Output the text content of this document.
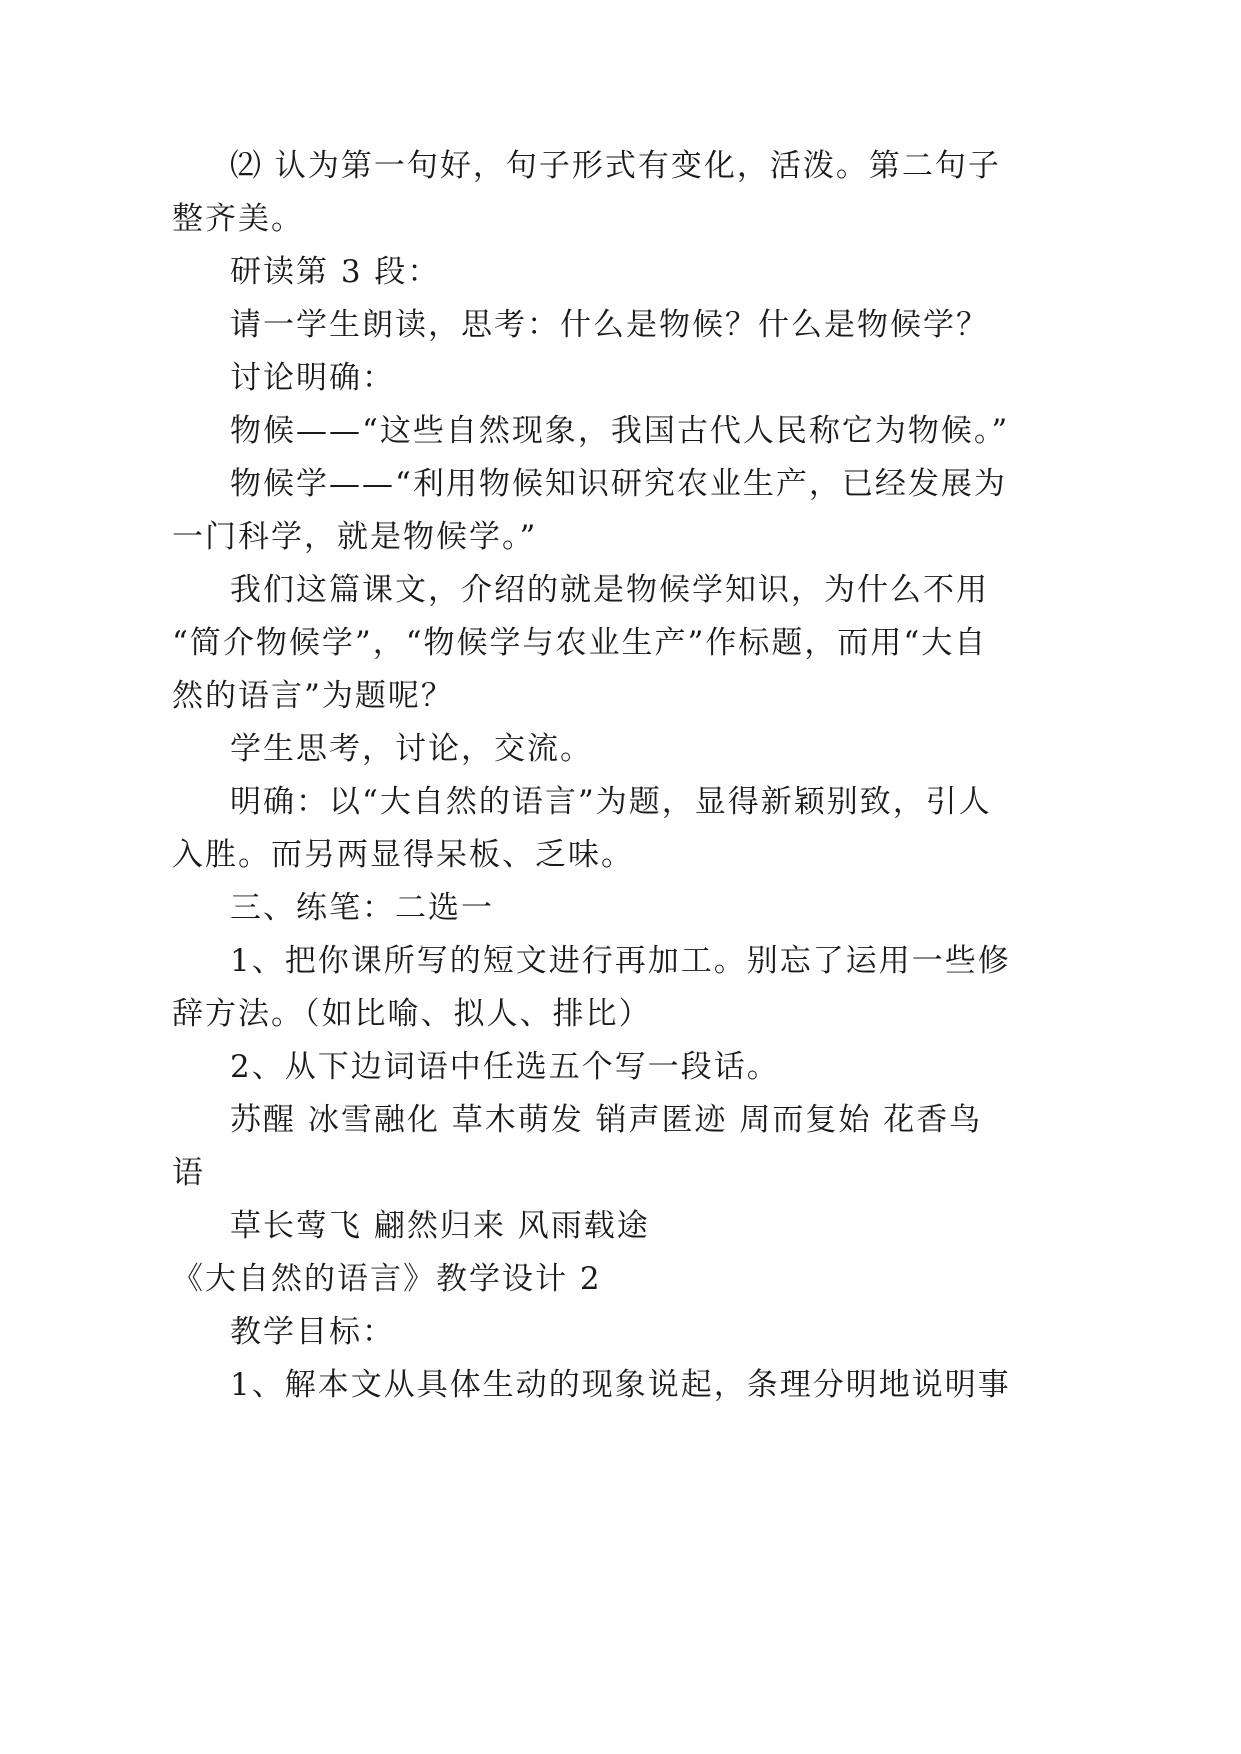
⑵ 认为第一句好，句子形式有变化，活泼。第二句子
整齐美。
研读第 3 段：
请一学生朗读，思考：什么是物候？什么是物候学？
讨论明确：
物候——“这些自然现象，我国古代人民称它为物候。”
物候学——“利用物候知识研究农业生产，已经发展为
一门科学，就是物候学。”
我们这篇课文，介绍的就是物候学知识，为什么不用
“简介物候学”，“物候学与农业生产”作标题，而用“大自
然的语言”为题呢？
学生思考，讨论，交流。
明确：以“大自然的语言”为题，显得新颖别致，引人
入胜。而另两显得呆板、乏味。
三、练笔：二选一
1、把你课所写的短文进行再加工。别忘了运用一些修
辞方法。（如比喻、拟人、排比）
2、从下边词语中任选五个写一段话。
苏醒 冰雪融化 草木萌发 销声匿迹 周而复始 花香鸟
语
草长莺飞 翩然归来 风雨载途
《大自然的语言》教学设计 2
教学目标：
1、解本文从具体生动的现象说起，条理分明地说明事
